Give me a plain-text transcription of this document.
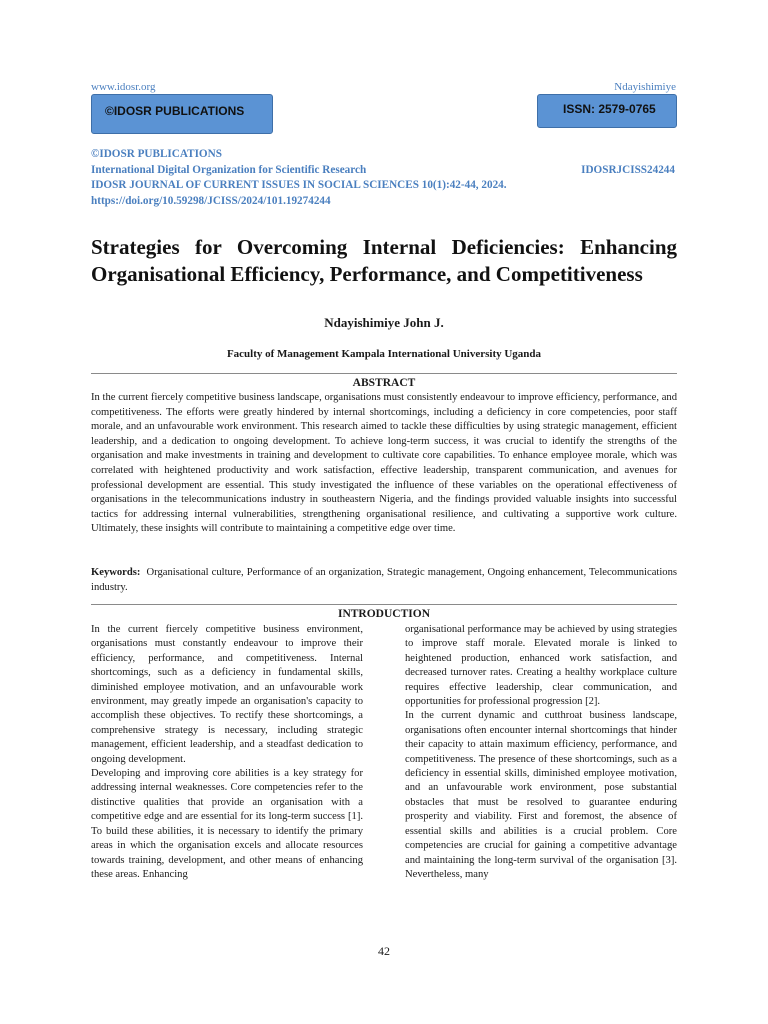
www.idosr.org	Ndayishimiye
©IDOSR PUBLICATIONS	ISSN: 2579-0765
©IDOSR PUBLICATIONS
International Digital Organization for Scientific Research	IDOSRJCISS24244
IDOSR JOURNAL OF CURRENT ISSUES IN SOCIAL SCIENCES 10(1):42-44, 2024.
https://doi.org/10.59298/JCISS/2024/101.19274244
Strategies for Overcoming Internal Deficiencies: Enhancing Organisational Efficiency, Performance, and Competitiveness
Ndayishimiye John J.
Faculty of Management Kampala International University Uganda
ABSTRACT

In the current fiercely competitive business landscape, organisations must consistently endeavour to improve efficiency, performance, and competitiveness. The efforts were greatly hindered by internal shortcomings, including a deficiency in core competencies, poor staff morale, and an unfavourable work environment. This research aimed to tackle these difficulties by using strategic management, efficient leadership, and a dedication to ongoing development. To achieve long-term success, it was crucial to identify the strengths of the organisation and make investments in training and development to cultivate core capabilities. To enhance employee morale, which was correlated with heightened productivity and work satisfaction, effective leadership, transparent communication, and avenues for professional development are essential. This study investigated the influence of these variables on the operational effectiveness of organisations in the telecommunications industry in southeastern Nigeria, and the findings provided valuable insights into successful tactics for addressing internal vulnerabilities, strengthening organisational resilience, and cultivating a supportive work culture. Ultimately, these insights will contribute to maintaining a competitive edge over time.

Keywords: Organisational culture, Performance of an organization, Strategic management, Ongoing enhancement, Telecommunications industry.

INTRODUCTION

In the current fiercely competitive business environment, organisations must constantly endeavour to improve their efficiency, performance, and competitiveness. Internal shortcomings, such as a deficiency in fundamental skills, diminished employee motivation, and an unfavourable work environment, may greatly impede an organisation's capacity to accomplish these objectives. To rectify these shortcomings, a comprehensive strategy is necessary, including strategic management, efficient leadership, and a steadfast dedication to ongoing development.

Developing and improving core abilities is a key strategy for addressing internal weaknesses. Core competencies refer to the distinctive qualities that provide an organisation with a competitive edge and are essential for its long-term success [1]. To build these abilities, it is necessary to identify the primary areas in which the organisation excels and allocate resources towards training, development, and other means of enhancing these areas. Enhancing

organisational performance may be achieved by using strategies to improve staff morale. Elevated morale is linked to heightened production, enhanced work satisfaction, and decreased turnover rates. Creating a healthy workplace culture requires effective leadership, clear communication, and opportunities for professional progression [2].

In the current dynamic and cutthroat business landscape, organisations often encounter internal shortcomings that hinder their capacity to attain maximum efficiency, performance, and competitiveness. The presence of these shortcomings, such as a deficiency in essential skills, diminished employee motivation, and an unfavourable work environment, pose substantial obstacles that must be resolved to guarantee enduring prosperity and viability. First and foremost, the absence of essential skills and abilities is a crucial problem. Core competencies are crucial for gaining a competitive advantage and maintaining the long-term survival of the organisation [3]. Nevertheless, many

42
